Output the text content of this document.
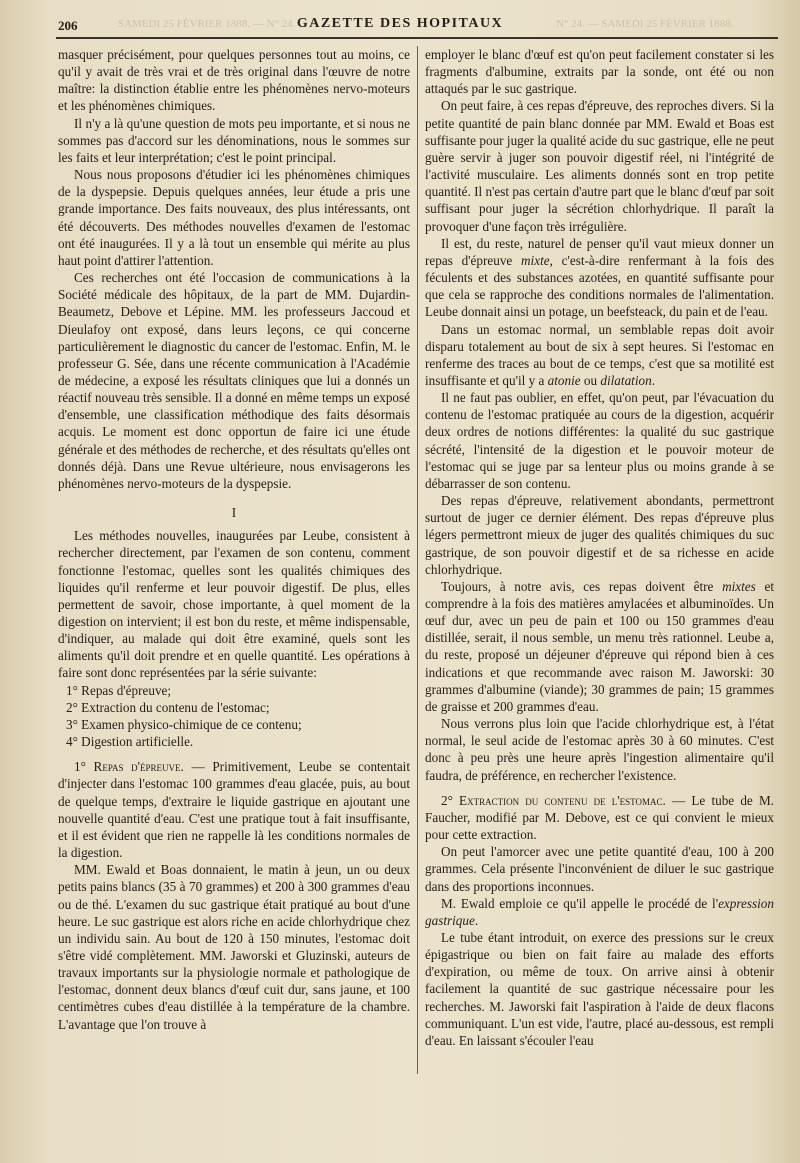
206	SAMEDI 25 FÉVRIER 1888. — N° 24. GAZETTE DES HOPITAUX	N° 24. — SAMEDI 25 FÉVRIER 1888.

masquer précisément, pour quelques personnes tout au moins, ce qu'il y avait de très vrai et de très original dans l'œuvre de notre maître: la distinction établie entre les phénomènes nervo-moteurs et les phénomènes chimiques.

Il n'y a là qu'une question de mots peu importante, et si nous ne sommes pas d'accord sur les dénominations, nous le sommes sur les faits et leur interprétation; c'est le point principal.

Nous nous proposons d'étudier ici les phénomènes chimiques de la dyspepsie. Depuis quelques années, leur étude a pris une grande importance. Des faits nouveaux, des plus intéressants, ont été découverts. Des méthodes nouvelles d'examen de l'estomac ont été inaugurées. Il y a là tout un ensemble qui mérite au plus haut point d'attirer l'attention.

Ces recherches ont été l'occasion de communications à la Société médicale des hôpitaux, de la part de MM. Dujardin-Beaumetz, Debove et Lépine. MM. les professeurs Jaccoud et Dieulafoy ont exposé, dans leurs leçons, ce qui concerne particulièrement le diagnostic du cancer de l'estomac. Enfin, M. le professeur G. Sée, dans une récente communication à l'Académie de médecine, a exposé les résultats cliniques que lui a donnés un réactif nouveau très sensible. Il a donné en même temps un exposé d'ensemble, une classification méthodique des faits désormais acquis. Le moment est donc opportun de faire ici une étude générale et des méthodes de recherche, et des résultats qu'elles ont donnés déjà. Dans une Revue ultérieure, nous envisagerons les phénomènes nervo-moteurs de la dyspepsie.

I

Les méthodes nouvelles, inaugurées par Leube, consistent à rechercher directement, par l'examen de son contenu, comment fonctionne l'estomac, quelles sont les qualités chimiques des liquides qu'il renferme et leur pouvoir digestif. De plus, elles permettent de savoir, chose importante, à quel moment de la digestion on intervient; il est bon du reste, et même indispensable, d'indiquer, au malade qui doit être examiné, quels sont les aliments qu'il doit prendre et en quelle quantité. Les opérations à faire sont donc représentées par la série suivante:

1° Repas d'épreuve;

2° Extraction du contenu de l'estomac;

3° Examen physico-chimique de ce contenu;

4° Digestion artificielle.

1° Repas d'épreuve. — Primitivement, Leube se contentait d'injecter dans l'estomac 100 grammes d'eau glacée, puis, au bout de quelque temps, d'extraire le liquide gastrique en ajoutant une nouvelle quantité d'eau. C'est une pratique tout à fait insuffisante, et il est évident que rien ne rappelle là les conditions normales de la digestion.

MM. Ewald et Boas donnaient, le matin à jeun, un ou deux petits pains blancs (35 à 70 grammes) et 200 à 300 grammes d'eau ou de thé. L'examen du suc gastrique était pratiqué au bout d'une heure. Le suc gastrique est alors riche en acide chlorhydrique chez un individu sain. Au bout de 120 à 150 minutes, l'estomac doit s'être vidé complètement. MM. Jaworski et Gluzinski, auteurs de travaux importants sur la physiologie normale et pathologique de l'estomac, donnent deux blancs d'œuf cuit dur, sans jaune, et 100 centimètres cubes d'eau distillée à la température de la chambre. L'avantage que l'on trouve à

employer le blanc d'œuf est qu'on peut facilement constater si les fragments d'albumine, extraits par la sonde, ont été ou non attaqués par le suc gastrique.

On peut faire, à ces repas d'épreuve, des reproches divers. Si la petite quantité de pain blanc donnée par MM. Ewald et Boas est suffisante pour juger la qualité acide du suc gastrique, elle ne peut guère servir à juger son pouvoir digestif réel, ni l'intégrité de l'activité musculaire. Les aliments donnés sont en trop petite quantité. Il n'est pas certain d'autre part que le blanc d'œuf par soit suffisant pour juger la sécrétion chlorhydrique. Il paraît la provoquer d'une façon très irrégulière.

Il est, du reste, naturel de penser qu'il vaut mieux donner un repas d'épreuve mixte, c'est-à-dire renfermant à la fois des féculents et des substances azotées, en quantité suffisante pour que cela se rapproche des conditions normales de l'alimentation. Leube donnait ainsi un potage, un beefsteack, du pain et de l'eau.

Dans un estomac normal, un semblable repas doit avoir disparu totalement au bout de six à sept heures. Si l'estomac en renferme des traces au bout de ce temps, c'est que sa motilité est insuffisante et qu'il y a atonie ou dilatation.

Il ne faut pas oublier, en effet, qu'on peut, par l'évacuation du contenu de l'estomac pratiquée au cours de la digestion, acquérir deux ordres de notions différentes: la qualité du suc gastrique sécrété, l'intensité de la digestion et le pouvoir moteur de l'estomac qui se juge par sa lenteur plus ou moins grande à se débarrasser de son contenu.

Des repas d'épreuve, relativement abondants, permettront surtout de juger ce dernier élément. Des repas d'épreuve plus légers permettront mieux de juger des qualités chimiques du suc gastrique, de son pouvoir digestif et de sa richesse en acide chlorhydrique.

Toujours, à notre avis, ces repas doivent être mixtes et comprendre à la fois des matières amylacées et albuminoïdes. Un œuf dur, avec un peu de pain et 100 ou 150 grammes d'eau distillée, serait, il nous semble, un menu très rationnel. Leube a, du reste, proposé un déjeuner d'épreuve qui répond bien à ces indications et que recommande avec raison M. Jaworski: 30 grammes d'albumine (viande); 30 grammes de pain; 15 grammes de graisse et 200 grammes d'eau.

Nous verrons plus loin que l'acide chlorhydrique est, à l'état normal, le seul acide de l'estomac après 30 à 60 minutes. C'est donc à peu près une heure après l'ingestion alimentaire qu'il faudra, de préférence, en rechercher l'existence.

2° Extraction du contenu de l'estomac. — Le tube de M. Faucher, modifié par M. Debove, est ce qui convient le mieux pour cette extraction.

On peut l'amorcer avec une petite quantité d'eau, 100 à 200 grammes. Cela présente l'inconvénient de diluer le suc gastrique dans des proportions inconnues.

M. Ewald emploie ce qu'il appelle le procédé de l'expression gastrique.

Le tube étant introduit, on exerce des pressions sur le creux épigastrique ou bien on fait faire au malade des efforts d'expiration, ou même de toux. On arrive ainsi à obtenir facilement la quantité de suc gastrique nécessaire pour les recherches. M. Jaworski fait l'aspiration à l'aide de deux flacons communiquant. L'un est vide, l'autre, placé au-dessous, est rempli d'eau. En laissant s'écouler l'eau
